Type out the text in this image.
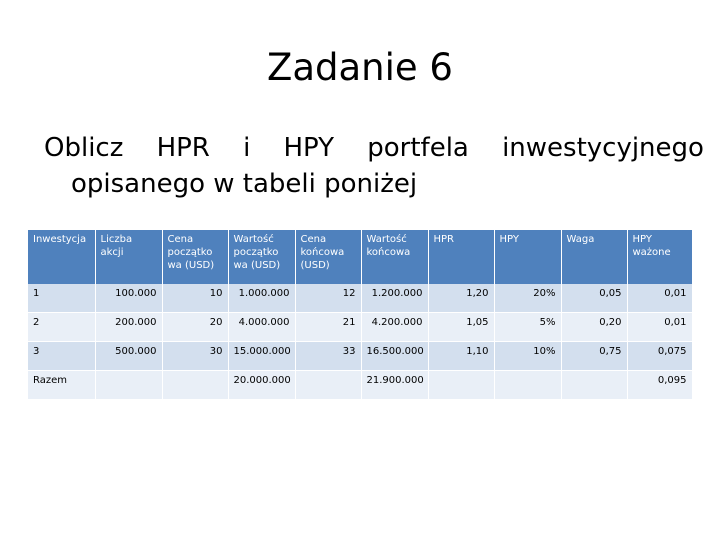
Zadanie 6
Oblicz HPR i HPY portfela inwestycyjnego
opisanego w tabeli poniżej
Inwestycja	Liczba akcji	Cena początko wa (USD)	Wartość początko wa (USD)	Cena końcowa (USD)	Wartość końcowa	HPR	HPY	Waga	HPY ważone
1	100.000	10	1.000.000	12	1.200.000	1,20	20%	0,05	0,01
2	200.000	20	4.000.000	21	4.200.000	1,05	5%	0,20	0,01
3	500.000	30	15.000.000	33	16.500.000	1,10	10%	0,75	0,075
Razem			20.000.000		21.900.000				0,095
